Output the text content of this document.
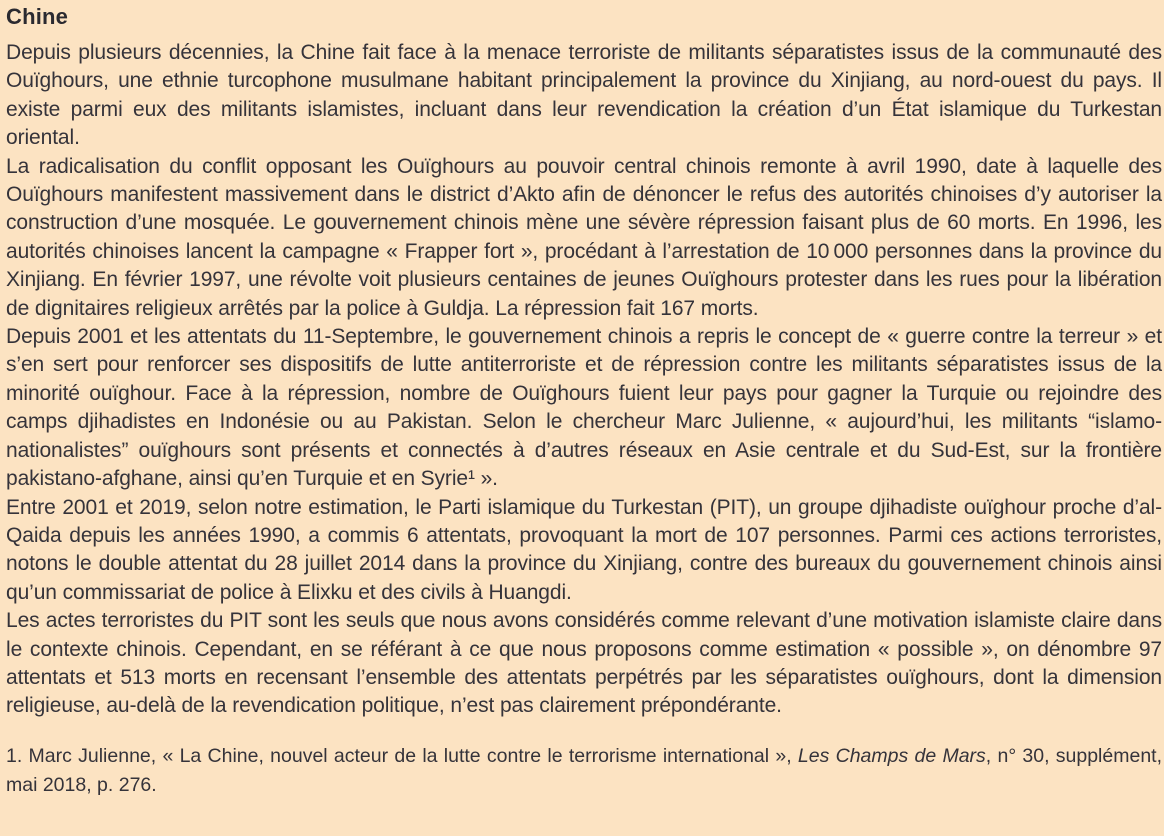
Chine

Depuis plusieurs décennies, la Chine fait face à la menace terroriste de militants séparatistes issus de la communauté des Ouïghours, une ethnie turcophone musulmane habitant principalement la province du Xinjiang, au nord-ouest du pays. Il existe parmi eux des militants islamistes, incluant dans leur revendication la création d’un État islamique du Turkestan oriental.

La radicalisation du conflit opposant les Ouïghours au pouvoir central chinois remonte à avril 1990, date à laquelle des Ouïghours manifestent massivement dans le district d’Akto afin de dénoncer le refus des autorités chinoises d’y autoriser la construction d’une mosquée. Le gouvernement chinois mène une sévère répression faisant plus de 60 morts. En 1996, les autorités chinoises lancent la campagne « Frapper fort », procédant à l’arrestation de 10 000 personnes dans la province du Xinjiang. En février 1997, une révolte voit plusieurs centaines de jeunes Ouïghours protester dans les rues pour la libération de dignitaires religieux arrêtés par la police à Guldja. La répression fait 167 morts.

Depuis 2001 et les attentats du 11-Septembre, le gouvernement chinois a repris le concept de « guerre contre la terreur » et s’en sert pour renforcer ses dispositifs de lutte antiterroriste et de répression contre les militants séparatistes issus de la minorité ouïghour. Face à la répression, nombre de Ouïghours fuient leur pays pour gagner la Turquie ou rejoindre des camps djihadistes en Indonésie ou au Pakistan. Selon le chercheur Marc Julienne, « aujourd’hui, les militants “islamo-nationalistes” ouïghours sont présents et connectés à d’autres réseaux en Asie centrale et du Sud-Est, sur la frontière pakistano-afghane, ainsi qu’en Turquie et en Syrie¹ ».

Entre 2001 et 2019, selon notre estimation, le Parti islamique du Turkestan (PIT), un groupe djihadiste ouïghour proche d’al-Qaida depuis les années 1990, a commis 6 attentats, provoquant la mort de 107 personnes. Parmi ces actions terroristes, notons le double attentat du 28 juillet 2014 dans la province du Xinjiang, contre des bureaux du gouvernement chinois ainsi qu’un commissariat de police à Elixku et des civils à Huangdi.

Les actes terroristes du PIT sont les seuls que nous avons considérés comme relevant d’une motivation islamiste claire dans le contexte chinois. Cependant, en se référant à ce que nous proposons comme estimation « possible », on dénombre 97 attentats et 513 morts en recensant l’ensemble des attentats perpétrés par les séparatistes ouïghours, dont la dimension religieuse, au-delà de la revendication politique, n’est pas clairement prépondérante.

1. Marc Julienne, « La Chine, nouvel acteur de la lutte contre le terrorisme international », Les Champs de Mars, n° 30, supplément, mai 2018, p. 276.
